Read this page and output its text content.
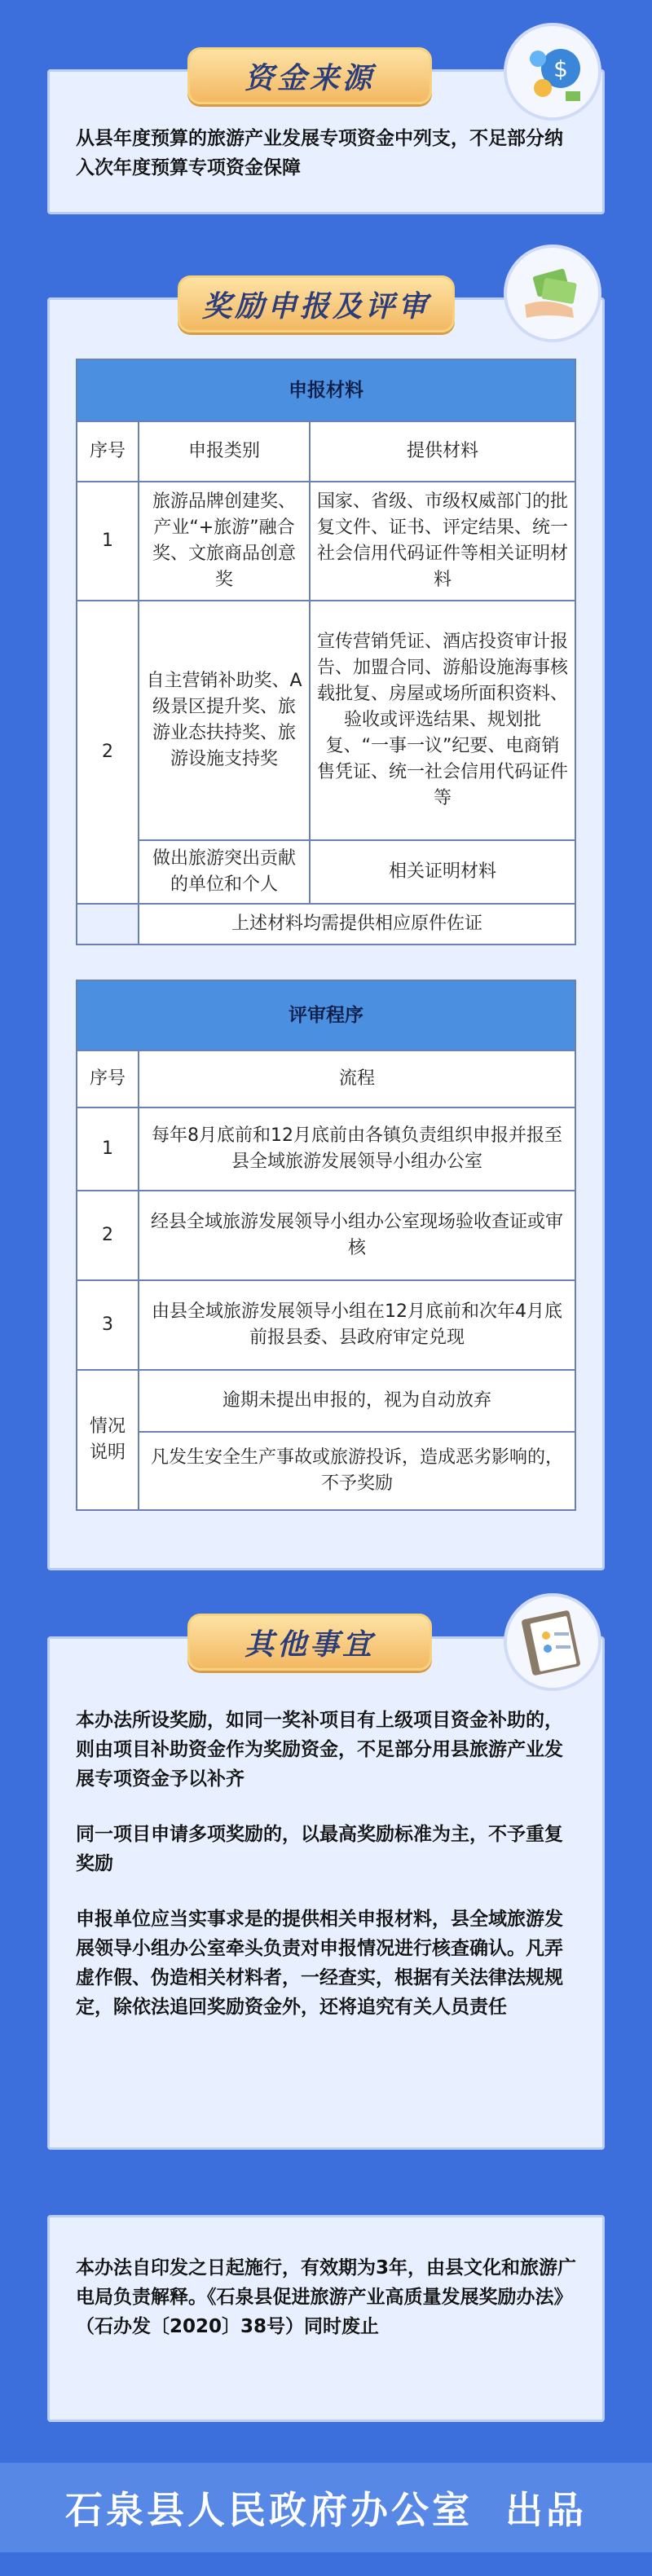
资金来源	$

从县年度预算的旅游产业发展专项资金中列支，不足部分纳入次年度预算专项资金保障

奖励申报及评审
申报材料		
序号	申报类别	提供材料
1	旅游品牌创建奖、产业“+旅游”融合奖、文旅商品创意奖	国家、省级、市级权威部门的批复文件、证书、评定结果、统一社会信用代码证件等相关证明材料
2	自主营销补助奖、A级景区提升奖、旅游业态扶持奖、旅游设施支持奖	宣传营销凭证、酒店投资审计报告、加盟合同、游船设施海事核载批复、房屋或场所面积资料、验收或评选结果、规划批复、“一事一议”纪要、电商销售凭证、统一社会信用代码证件等
	做出旅游突出贡献的单位和个人	相关证明材料
	上述材料均需提供相应原件佐证	
评审程序	
序号	流程
1	每年8月底前和12月底前由各镇负责组织申报并报至县全域旅游发展领导小组办公室
2	经县全域旅游发展领导小组办公室现场验收查证或审核
3	由县全域旅游发展领导小组在12月底前和次年4月底前报县委、县政府审定兑现
情况说明	逾期未提出申报的，视为自动放弃
	凡发生安全生产事故或旅游投诉，造成恶劣影响的，不予奖励
其他事宜

本办法所设奖励，如同一奖补项目有上级项目资金补助的，则由项目补助资金作为奖励资金，不足部分用县旅游产业发展专项资金予以补齐

同一项目申请多项奖励的，以最高奖励标准为主，不予重复奖励

申报单位应当实事求是的提供相关申报材料，县全域旅游发展领导小组办公室牵头负责对申报情况进行核查确认。凡弄虚作假、伪造相关材料者，一经查实，根据有关法律法规规定，除依法追回奖励资金外，还将追究有关人员责任

本办法自印发之日起施行，有效期为3年，由县文化和旅游广电局负责解释。《石泉县促进旅游产业高质量发展奖励办法》（石办发〔2020〕38号）同时废止

石泉县人民政府办公室  出品
